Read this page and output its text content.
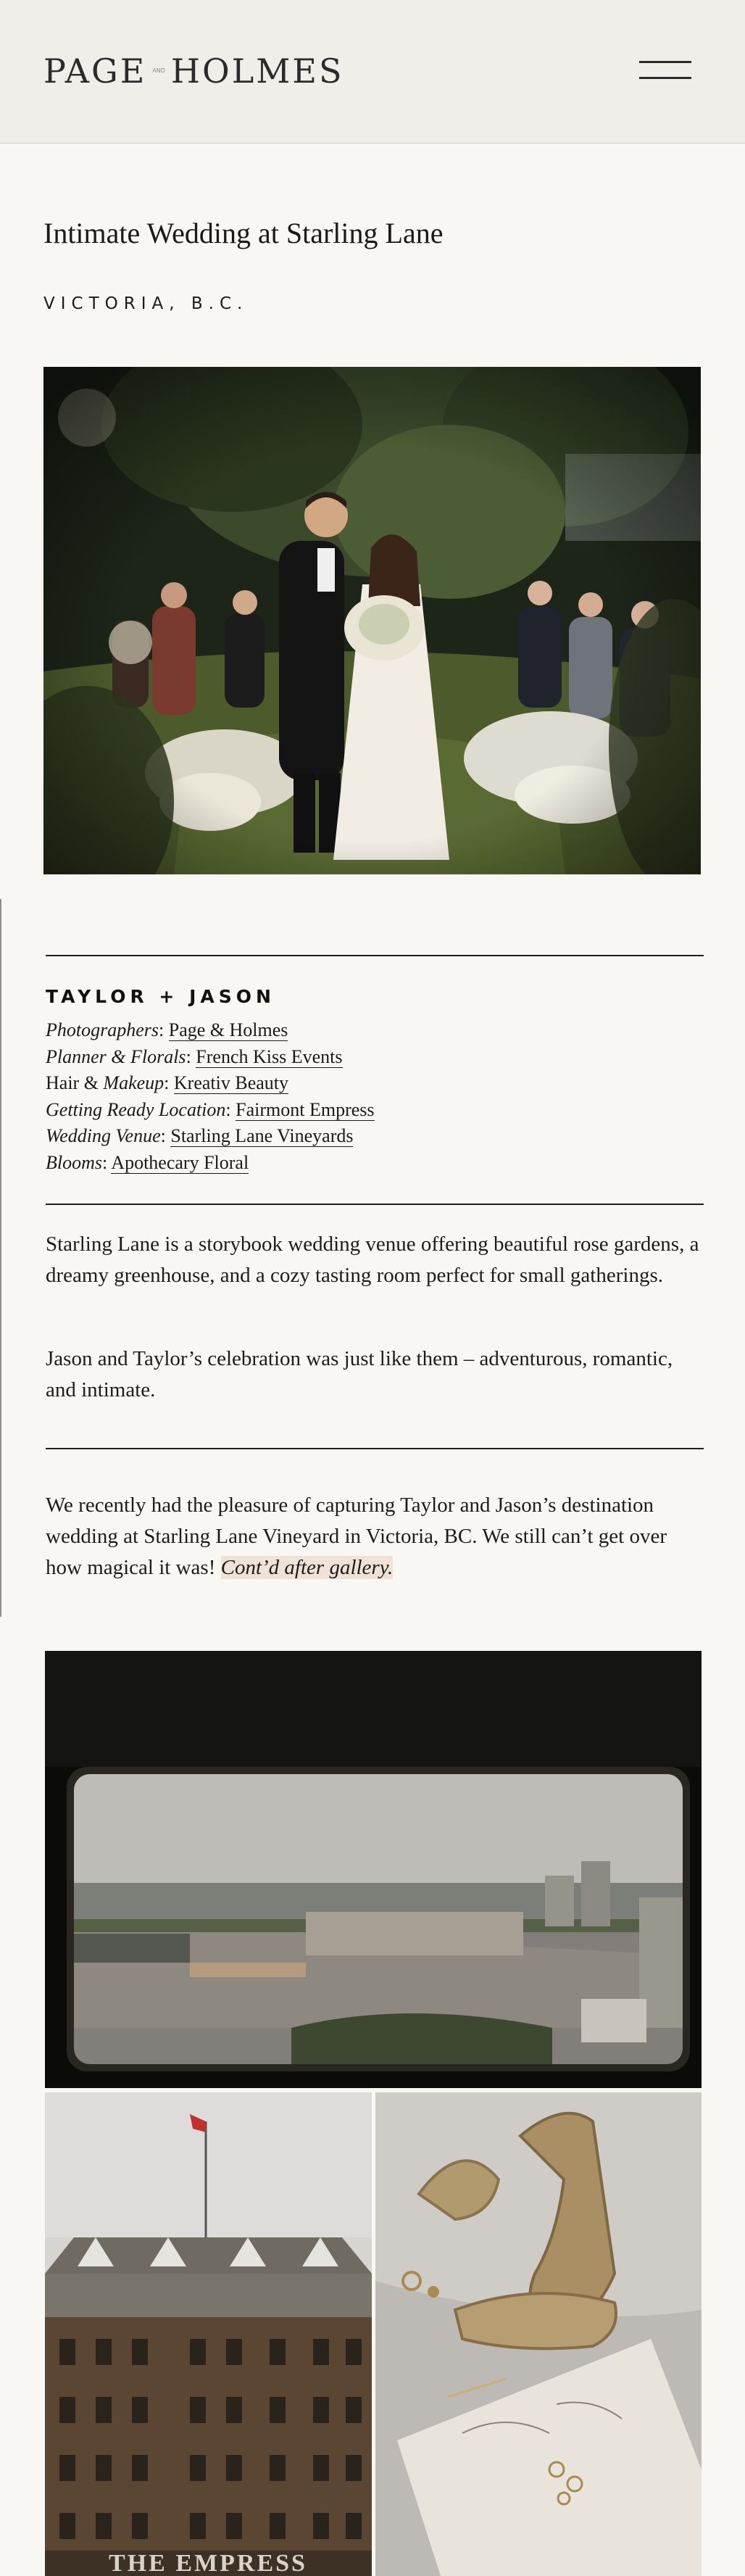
PAGE AND HOLMES
Intimate Wedding at Starling Lane
VICTORIA, B.C.
TAYLOR + JASON
Photographers: Page & Holmes
Planner & Florals: French Kiss Events
Hair & Makeup: Kreativ Beauty
Getting Ready Location: Fairmont Empress
Wedding Venue: Starling Lane Vineyards
Blooms: Apothecary Floral

Starling Lane is a storybook wedding venue offering beautiful rose gardens, a dreamy greenhouse, and a cozy tasting room perfect for small gatherings.

Jason and Taylor’s celebration was just like them – adventurous, romantic, and intimate.

We recently had the pleasure of capturing Taylor and Jason’s destination wedding at Starling Lane Vineyard in Victoria, BC. We still can’t get over how magical it was! Cont’d after gallery.

THE EMPRESS
